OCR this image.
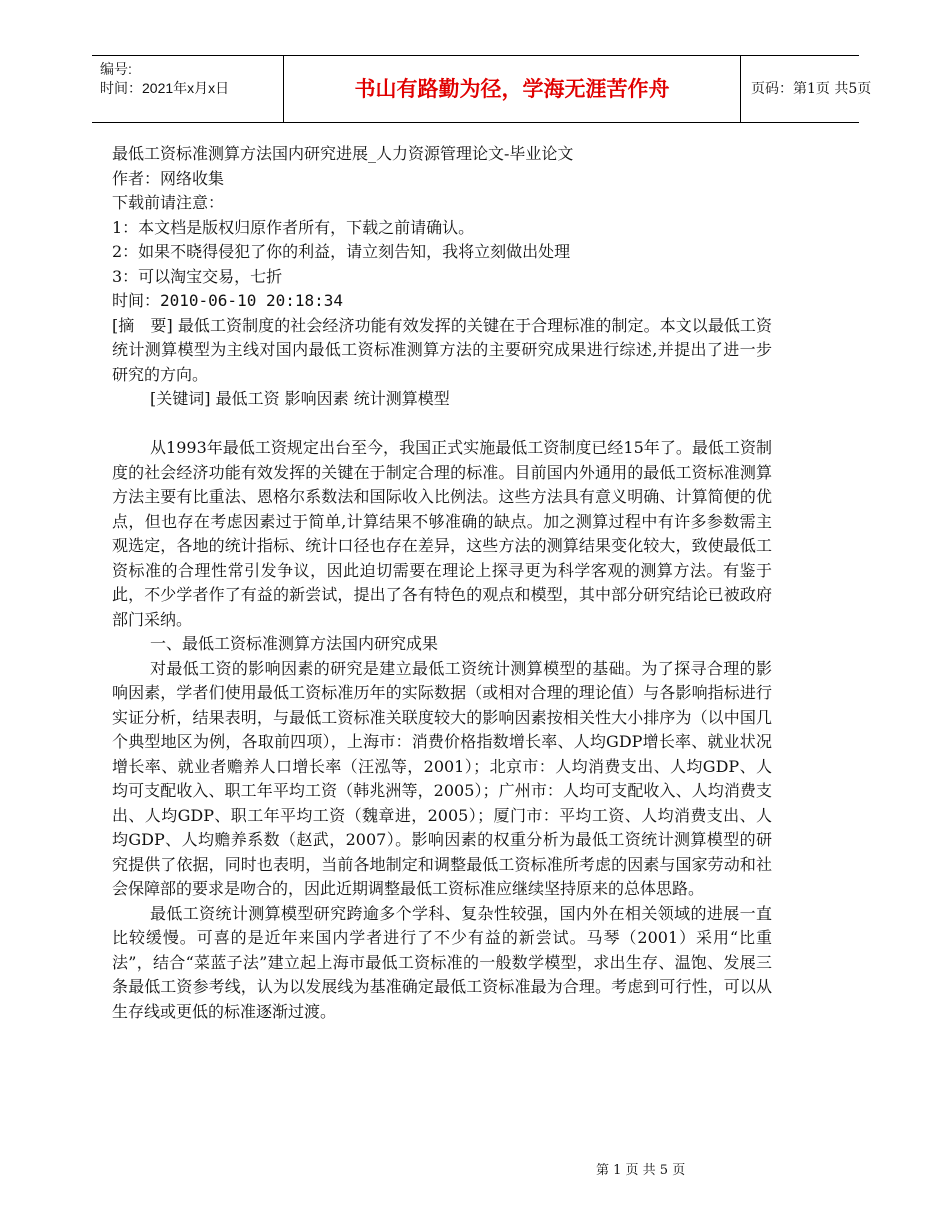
编号:
时间：2021年x月x日	书山有路勤为径，学海无涯苦作舟	页码：第1页 共5页
最低工资标准测算方法国内研究进展_人力资源管理论文-毕业论文
作者：网络收集
下载前请注意：
1：本文档是版权归原作者所有，下载之前请确认。
2：如果不晓得侵犯了你的利益，请立刻告知，我将立刻做出处理
3：可以淘宝交易，七折
时间：2010-06-10 20:18:34

[摘　要] 最低工资制度的社会经济功能有效发挥的关键在于合理标准的制定。本文以最低工资统计测算模型为主线对国内最低工资标准测算方法的主要研究成果进行综述,并提出了进一步研究的方向。

[关键词] 最低工资 影响因素 统计测算模型

从1993年最低工资规定出台至今，我国正式实施最低工资制度已经15年了。最低工资制度的社会经济功能有效发挥的关键在于制定合理的标准。目前国内外通用的最低工资标准测算方法主要有比重法、恩格尔系数法和国际收入比例法。这些方法具有意义明确、计算简便的优点，但也存在考虑因素过于简单,计算结果不够准确的缺点。加之测算过程中有许多参数需主观选定，各地的统计指标、统计口径也存在差异，这些方法的测算结果变化较大，致使最低工资标准的合理性常引发争议，因此迫切需要在理论上探寻更为科学客观的测算方法。有鉴于此，不少学者作了有益的新尝试，提出了各有特色的观点和模型，其中部分研究结论已被政府部门采纳。

一、最低工资标准测算方法国内研究成果

对最低工资的影响因素的研究是建立最低工资统计测算模型的基础。为了探寻合理的影响因素，学者们使用最低工资标准历年的实际数据（或相对合理的理论值）与各影响指标进行实证分析，结果表明，与最低工资标准关联度较大的影响因素按相关性大小排序为（以中国几个典型地区为例，各取前四项），上海市：消费价格指数增长率、人均GDP增长率、就业状况增长率、就业者赡养人口增长率（汪泓等，2001）；北京市：人均消费支出、人均GDP、人均可支配收入、职工年平均工资（韩兆洲等，2005）；广州市：人均可支配收入、人均消费支出、人均GDP、职工年平均工资（魏章进，2005）；厦门市：平均工资、人均消费支出、人均GDP、人均赡养系数（赵武，2007）。影响因素的权重分析为最低工资统计测算模型的研究提供了依据，同时也表明，当前各地制定和调整最低工资标准所考虑的因素与国家劳动和社会保障部的要求是吻合的，因此近期调整最低工资标准应继续坚持原来的总体思路。

最低工资统计测算模型研究跨逾多个学科、复杂性较强，国内外在相关领域的进展一直比较缓慢。可喜的是近年来国内学者进行了不少有益的新尝试。马琴（2001）采用“比重法”，结合“菜蓝子法”建立起上海市最低工资标准的一般数学模型，求出生存、温饱、发展三条最低工资参考线，认为以发展线为基准确定最低工资标准最为合理。考虑到可行性，可以从生存线或更低的标准逐渐过渡。

第 1 页 共 5 页
